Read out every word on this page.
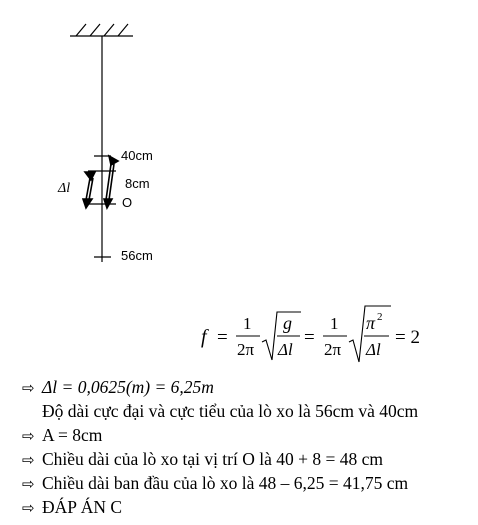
Δl
40cm
8cm
O
56cm
f =
1
2π
g
Δl
=
1
2π
π 2
Δl
= 2
⇨ Δl = 0,0625(m) = 6,25m
Độ dài cực đại và cực tiểu của lò xo là 56cm và 40cm
⇨ A = 8cm
⇨ Chiều dài của lò xo tại vị trí O là 40 + 8 = 48 cm
⇨ Chiều dài ban đầu của lò xo là 48 – 6,25 = 41,75 cm
⇨ ĐÁP ÁN C
